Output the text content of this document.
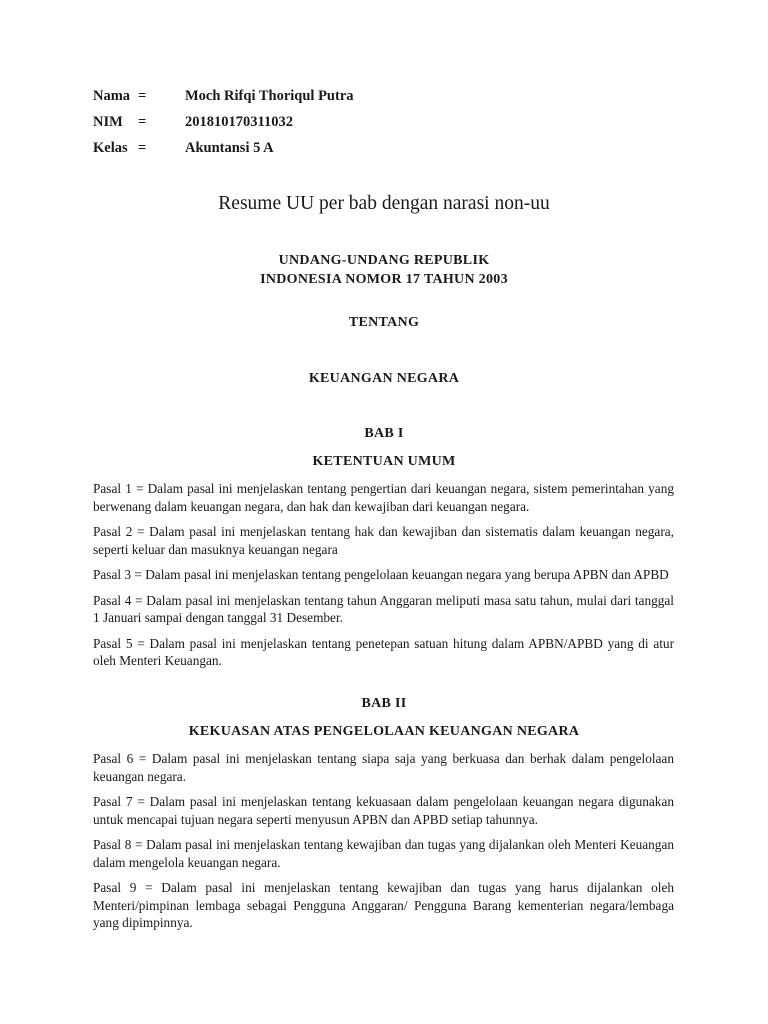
Nama =	Moch Rifqi Thoriqul Putra
NIM =	201810170311032
Kelas =	Akuntansi 5 A
Resume UU per bab dengan narasi non-uu

UNDANG-UNDANG REPUBLIK

INDONESIA NOMOR 17 TAHUN 2003

TENTANG

KEUANGAN NEGARA

BAB I

KETENTUAN UMUM

Pasal 1 = Dalam pasal ini menjelaskan tentang pengertian dari keuangan negara, sistem pemerintahan yang berwenang dalam keuangan negara, dan hak dan kewajiban dari keuangan negara.

Pasal 2 = Dalam pasal ini menjelaskan tentang hak dan kewajiban dan sistematis dalam keuangan negara, seperti keluar dan masuknya keuangan negara

Pasal 3 = Dalam pasal ini menjelaskan tentang pengelolaan keuangan negara yang berupa APBN dan APBD

Pasal 4 = Dalam pasal ini menjelaskan tentang tahun Anggaran meliputi masa satu tahun, mulai dari tanggal 1 Januari sampai dengan tanggal 31 Desember.

Pasal 5 = Dalam pasal ini menjelaskan tentang penetepan satuan hitung dalam APBN/APBD yang di atur oleh Menteri Keuangan.

BAB II

KEKUASAN ATAS PENGELOLAAN KEUANGAN NEGARA

Pasal 6 = Dalam pasal ini menjelaskan tentang siapa saja yang berkuasa dan berhak dalam pengelolaan keuangan negara.

Pasal 7 = Dalam pasal ini menjelaskan tentang kekuasaan dalam pengelolaan keuangan negara digunakan untuk mencapai tujuan negara seperti menyusun APBN dan APBD setiap tahunnya.

Pasal 8 = Dalam pasal ini menjelaskan tentang kewajiban dan tugas yang dijalankan oleh Menteri Keuangan dalam mengelola keuangan negara.

Pasal 9 = Dalam pasal ini menjelaskan tentang kewajiban dan tugas yang harus dijalankan oleh Menteri/pimpinan lembaga sebagai Pengguna Anggaran/ Pengguna Barang kementerian negara/lembaga yang dipimpinnya.
